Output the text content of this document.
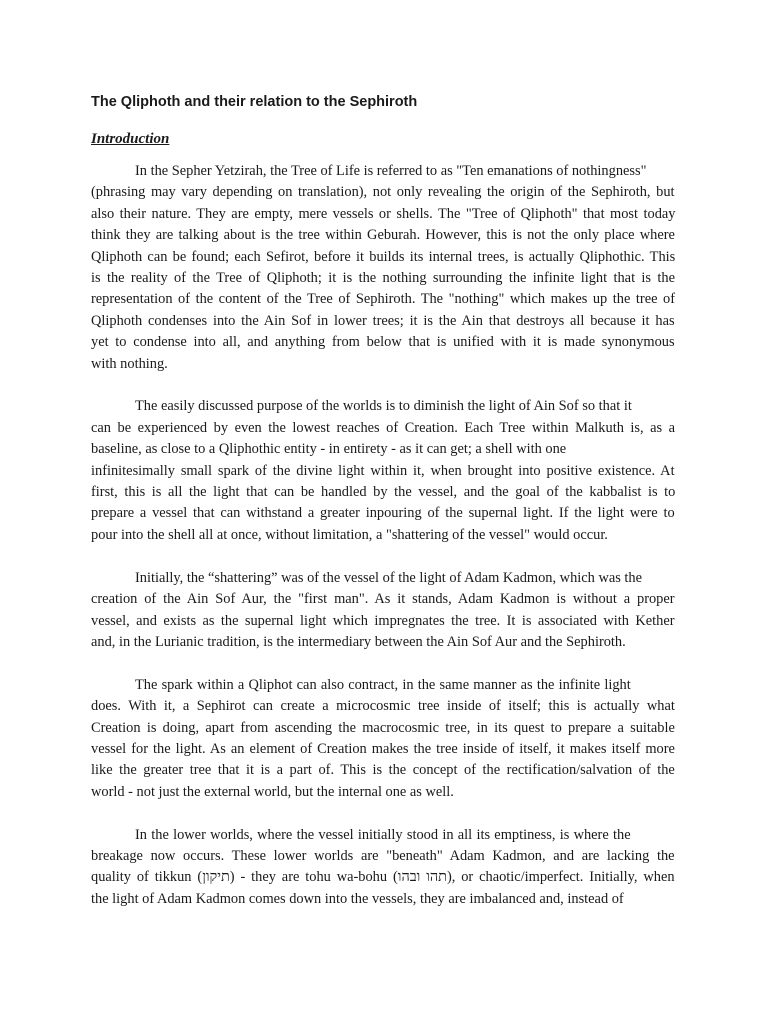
The Qliphoth and their relation to the Sephiroth
Introduction
In the Sepher Yetzirah, the Tree of Life is referred to as "Ten emanations of nothingness"
(phrasing may vary depending on translation), not only revealing the origin of the Sephiroth, but
also their nature. They are empty, mere vessels or shells. The "Tree of Qliphoth" that most today
think they are talking about is the tree within Geburah. However, this is not the only place where
Qliphoth can be found; each Sefirot, before it builds its internal trees, is actually Qliphothic. This
is the reality of the Tree of Qliphoth; it is the nothing surrounding the infinite light that is the
representation of the content of the Tree of Sephiroth. The "nothing" which makes up the tree of
Qliphoth condenses into the Ain Sof in lower trees; it is the Ain that destroys all because it has
yet to condense into all, and anything from below that is unified with it is made synonymous
with nothing.
The easily discussed purpose of the worlds is to diminish the light of Ain Sof so that it
can be experienced by even the lowest reaches of Creation. Each Tree within Malkuth is, as a
baseline, as close to a Qliphothic entity - in entirety - as it can get; a shell with one
infinitesimally small spark of the divine light within it, when brought into positive existence. At
first, this is all the light that can be handled by the vessel, and the goal of the kabbalist is to
prepare a vessel that can withstand a greater inpouring of the supernal light. If the light were to
pour into the shell all at once, without limitation, a "shattering of the vessel" would occur.
Initially, the “shattering” was of the vessel of the light of Adam Kadmon, which was the
creation of the Ain Sof Aur, the "first man". As it stands, Adam Kadmon is without a proper
vessel, and exists as the supernal light which impregnates the tree. It is associated with Kether
and, in the Lurianic tradition, is the intermediary between the Ain Sof Aur and the Sephiroth.
The spark within a Qliphot can also contract, in the same manner as the infinite light
does. With it, a Sephirot can create a microcosmic tree inside of itself; this is actually what
Creation is doing, apart from ascending the macrocosmic tree, in its quest to prepare a suitable
vessel for the light. As an element of Creation makes the tree inside of itself, it makes itself more
like the greater tree that it is a part of. This is the concept of the rectification/salvation of the
world - not just the external world, but the internal one as well.
In the lower worlds, where the vessel initially stood in all its emptiness, is where the
breakage now occurs. These lower worlds are "beneath" Adam Kadmon, and are lacking the
quality of tikkun (תיקון) - they are tohu wa-bohu (תהו ובהו), or chaotic/imperfect. Initially, when
the light of Adam Kadmon comes down into the vessels, they are imbalanced and, instead of
